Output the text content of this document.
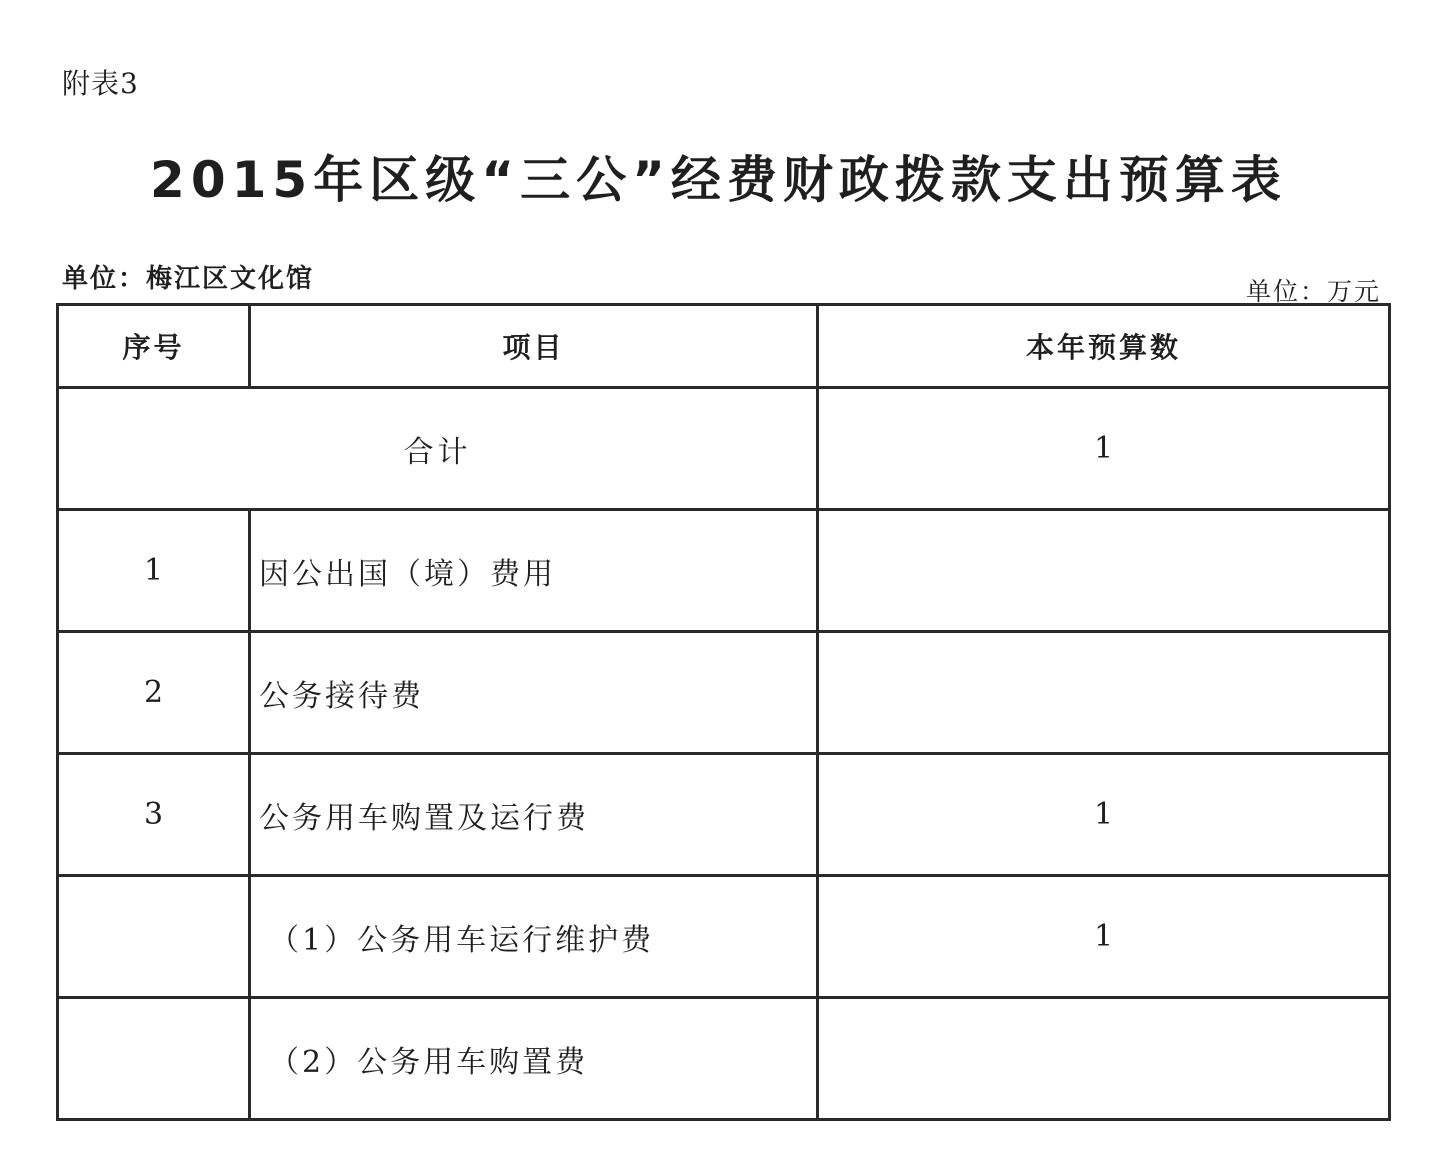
附表3
2015年区级“三公”经费财政拨款支出预算表
单位：梅江区文化馆	单位：万元
序号	项目	本年预算数
合计		1
1	因公出国（境）费用	
2	公务接待费	
3	公务用车购置及运行费	1
	（1）公务用车运行维护费	1
	（2）公务用车购置费	
